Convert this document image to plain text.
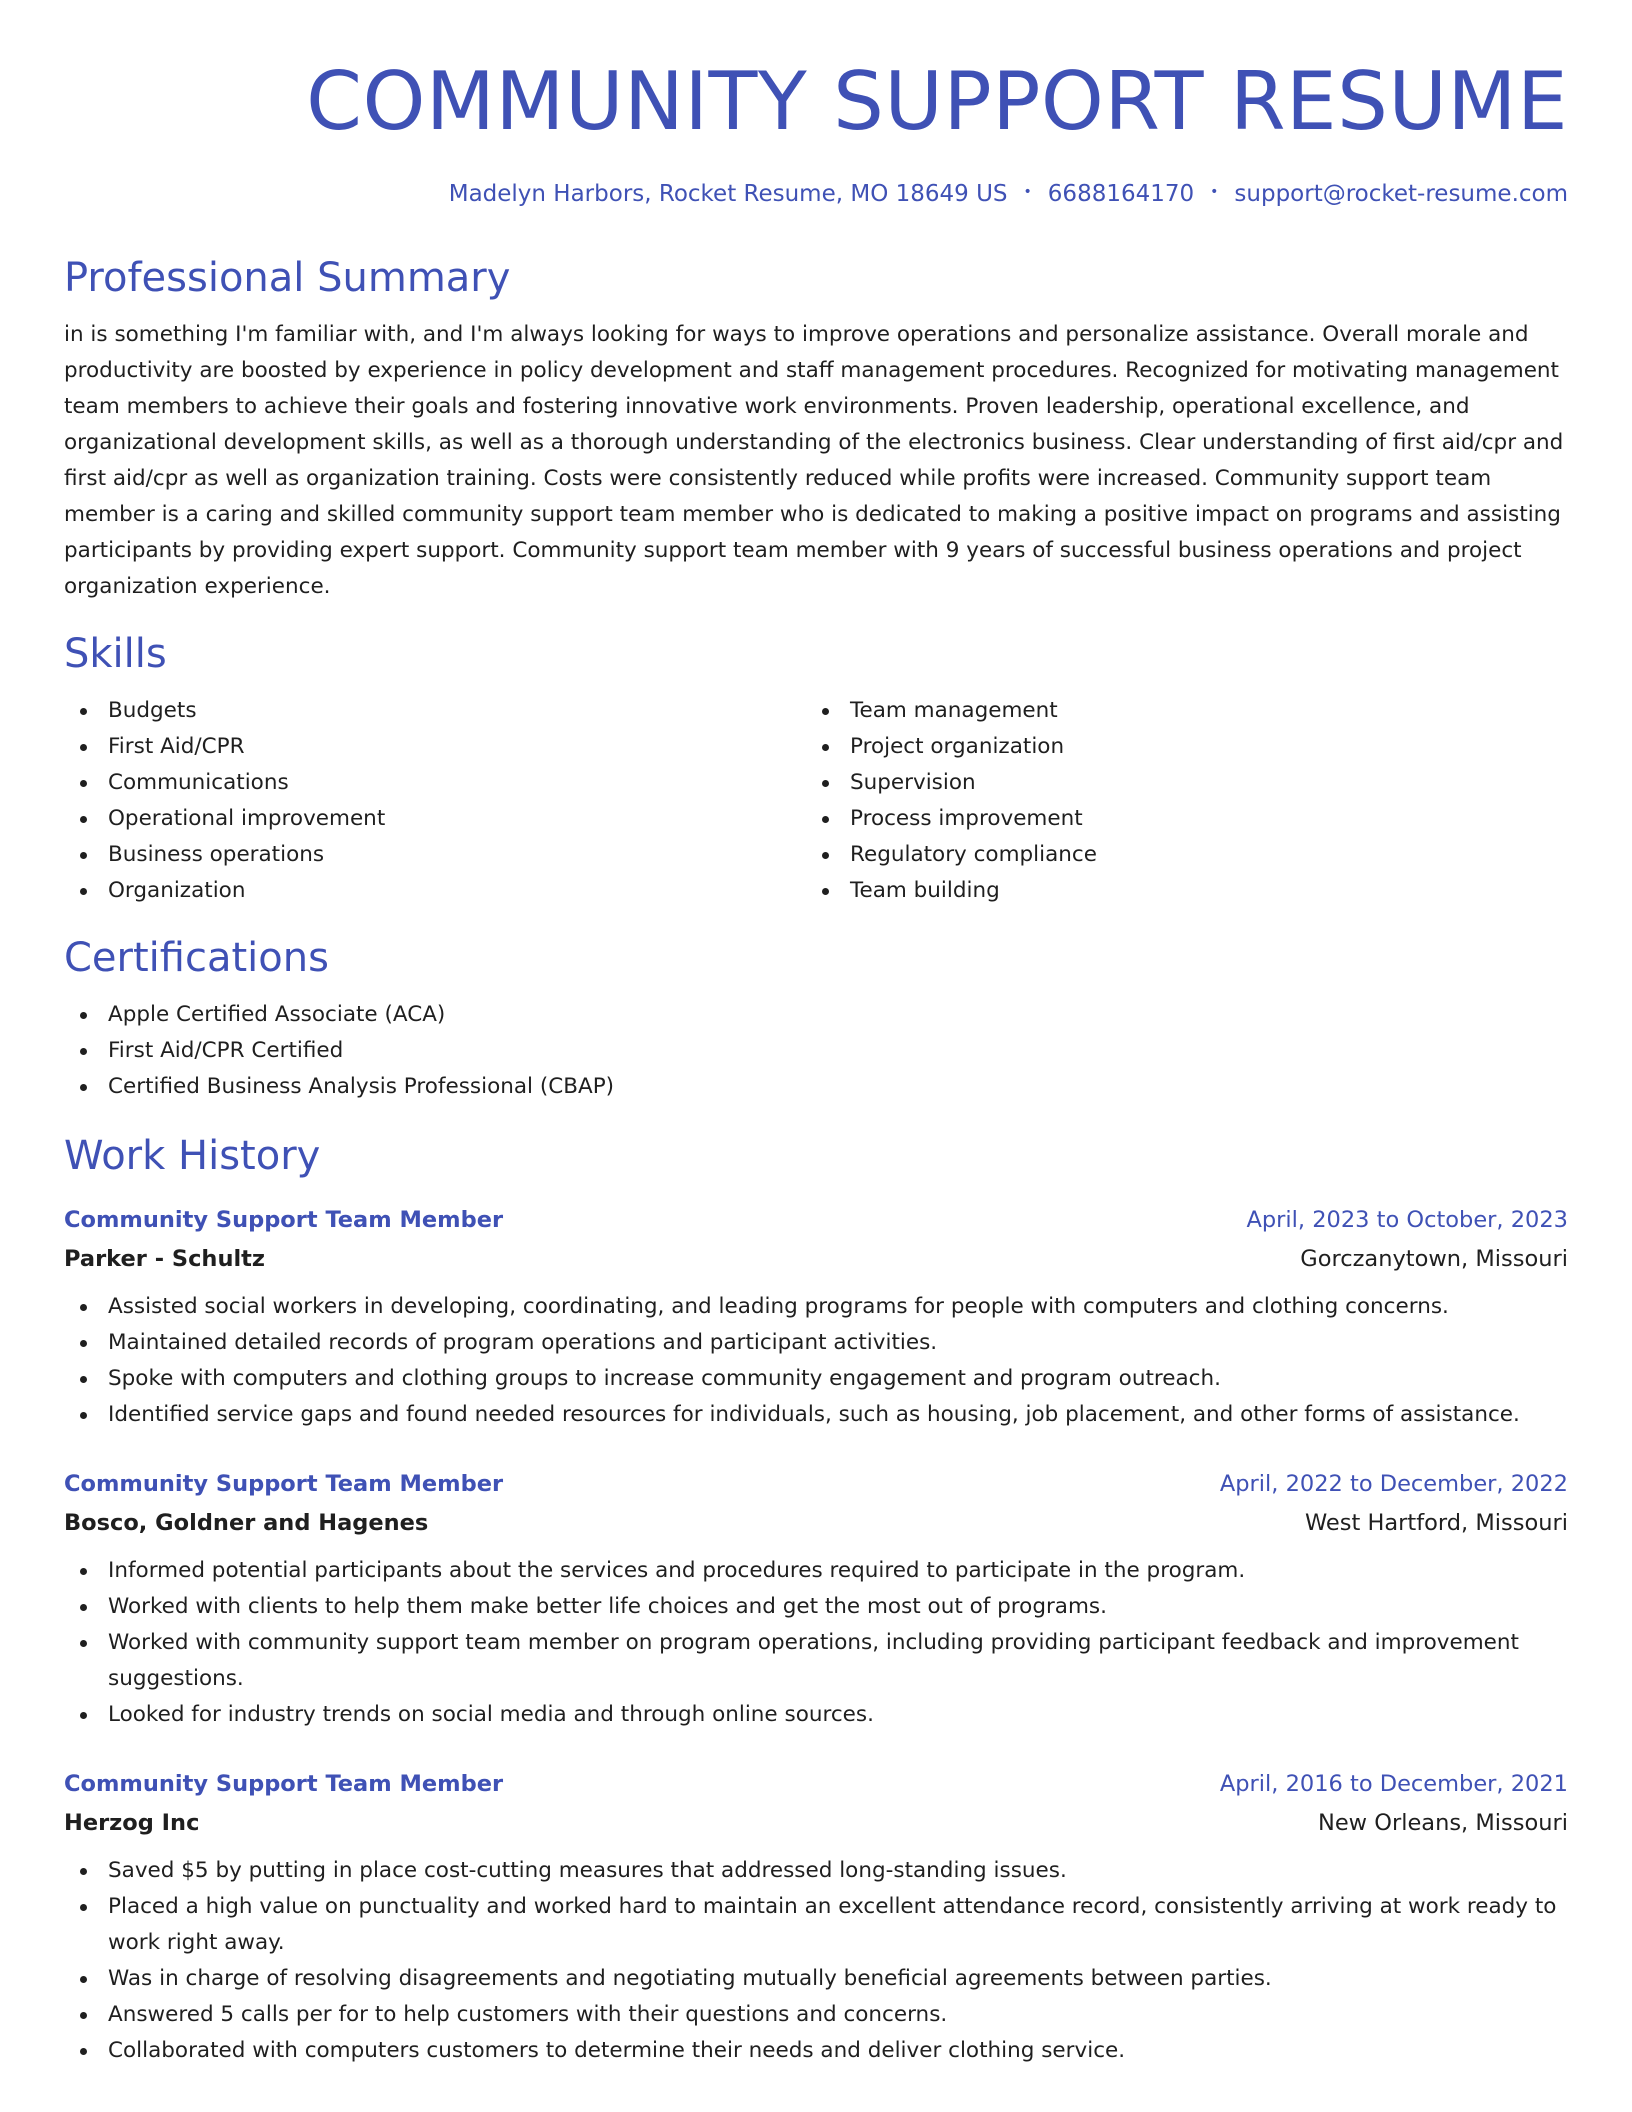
COMMUNITY SUPPORT RESUME
Madelyn Harbors, Rocket Resume, MO 18649 US • 6688164170 • support@rocket-resume.com
Professional Summary

in is something I'm familiar with, and I'm always looking for ways to improve operations and personalize assistance. Overall morale and productivity are boosted by experience in policy development and staff management procedures. Recognized for motivating management team members to achieve their goals and fostering innovative work environments. Proven leadership, operational excellence, and organizational development skills, as well as a thorough understanding of the electronics business. Clear understanding of first aid/cpr and first aid/cpr as well as organization training. Costs were consistently reduced while profits were increased. Community support team member is a caring and skilled community support team member who is dedicated to making a positive impact on programs and assisting participants by providing expert support. Community support team member with 9 years of successful business operations and project organization experience.

Skills
Budgets
First Aid/CPR
Communications
Operational improvement
Business operations
Organization
Team management
Project organization
Supervision
Process improvement
Regulatory compliance
Team building
Certifications
Apple Certified Associate (ACA)
First Aid/CPR Certified
Certified Business Analysis Professional (CBAP)
Work History
Community Support Team Member	April, 2023 to October, 2023
Parker - Schultz	Gorczanytown, Missouri
Assisted social workers in developing, coordinating, and leading programs for people with computers and clothing concerns.
Maintained detailed records of program operations and participant activities.
Spoke with computers and clothing groups to increase community engagement and program outreach.
Identified service gaps and found needed resources for individuals, such as housing, job placement, and other forms of assistance.
Community Support Team Member	April, 2022 to December, 2022
Bosco, Goldner and Hagenes	West Hartford, Missouri
Informed potential participants about the services and procedures required to participate in the program.
Worked with clients to help them make better life choices and get the most out of programs.
Worked with community support team member on program operations, including providing participant feedback and improvement suggestions.
Looked for industry trends on social media and through online sources.
Community Support Team Member	April, 2016 to December, 2021
Herzog Inc	New Orleans, Missouri
Saved $5 by putting in place cost-cutting measures that addressed long-standing issues.
Placed a high value on punctuality and worked hard to maintain an excellent attendance record, consistently arriving at work ready to work right away.
Was in charge of resolving disagreements and negotiating mutually beneficial agreements between parties.
Answered 5 calls per for to help customers with their questions and concerns.
Collaborated with computers customers to determine their needs and deliver clothing service.
